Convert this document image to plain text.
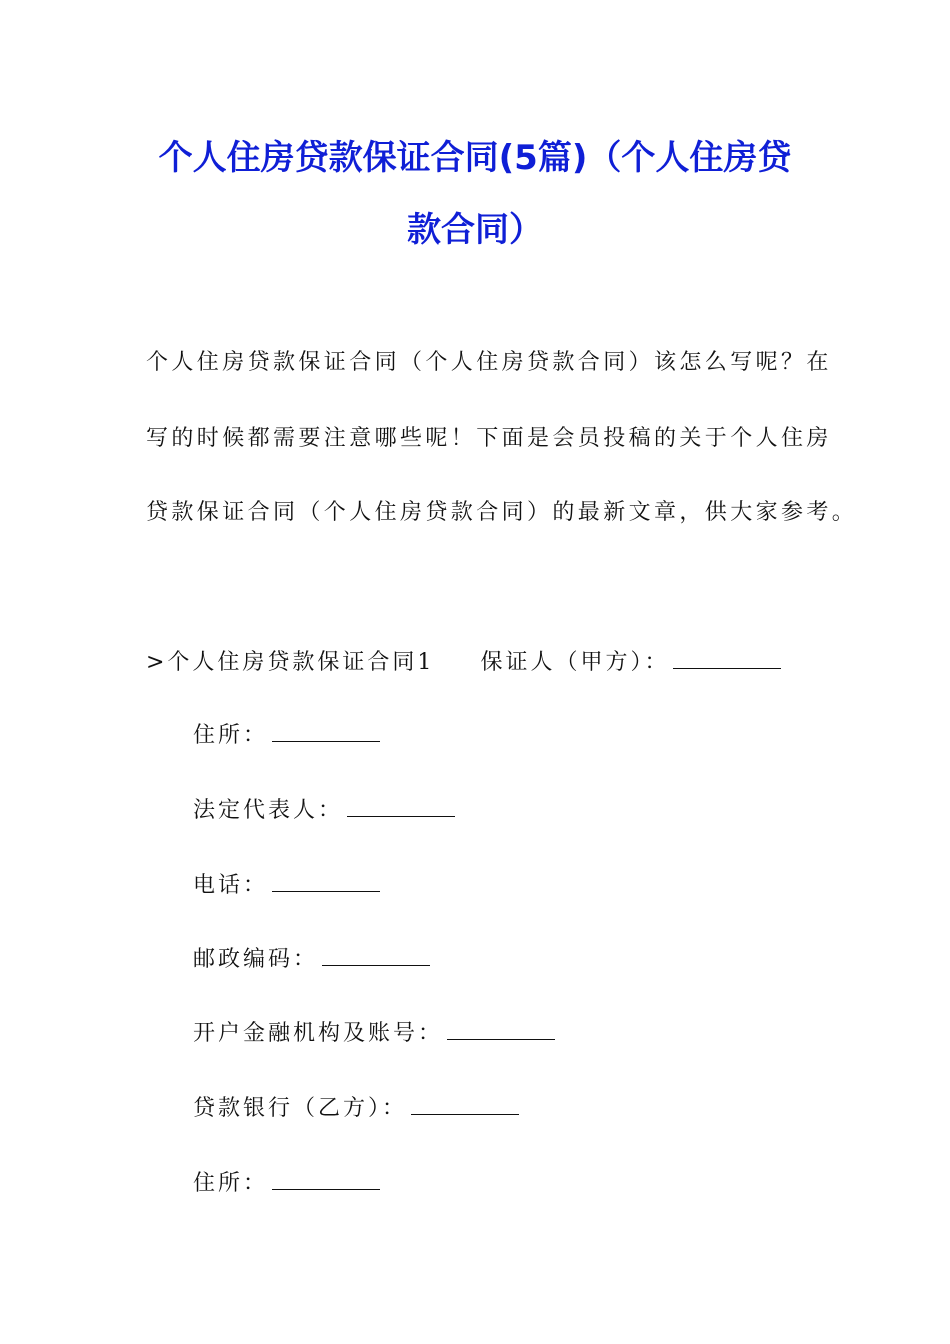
个人住房贷款保证合同(5篇)（个人住房贷
款合同）
个人住房贷款保证合同（个人住房贷款合同）该怎么写呢？在
写的时候都需要注意哪些呢！下面是会员投稿的关于个人住房
贷款保证合同（个人住房贷款合同）的最新文章，供大家参考。
>个人住房贷款保证合同1 保证人（甲方）：
住所：
法定代表人：
电话：
邮政编码：
开户金融机构及账号：
贷款银行（乙方）：
住所：
